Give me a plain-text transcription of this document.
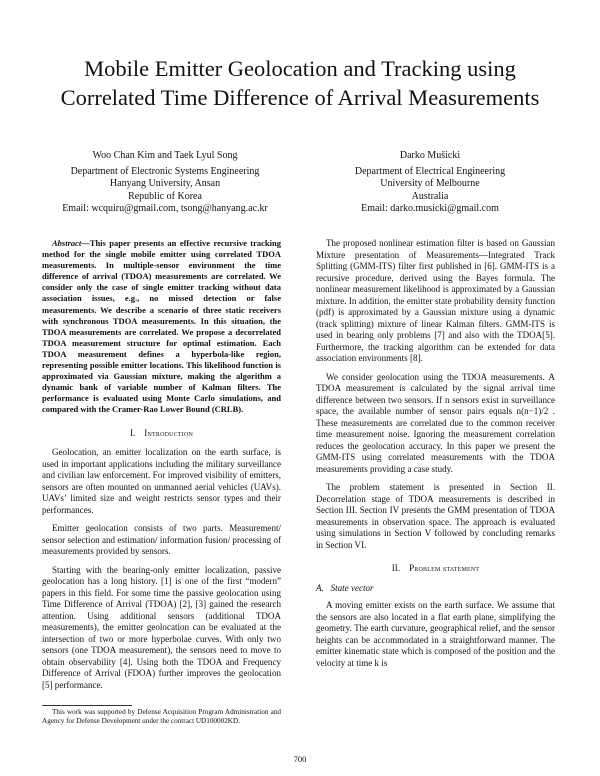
Mobile Emitter Geolocation and Tracking using
Correlated Time Difference of Arrival Measurements
Woo Chan Kim and Taek Lyul Song
Department of Electronic Systems Engineering
Hanyang University, Ansan
Republic of Korea
Email: wcquiru@gmail.com, tsong@hanyang.ac.kr
Darko Mušicki
Department of Electrical Engineering
University of Melbourne
Australia
Email: darko.musicki@gmail.com

Abstract—This paper presents an effective recursive tracking method for the single mobile emitter using correlated TDOA measurements. In multiple-sensor environment the time difference of arrival (TDOA) measurements are correlated. We consider only the case of single emitter tracking without data association issues, e.g., no missed detection or false measurements. We describe a scenario of three static receivers with synchronous TDOA measurements. In this situation, the TDOA measurements are correlated. We propose a decorrelated TDOA measurement structure for optimal estimation. Each TDOA measurement defines a hyperbola-like region, representing possible emitter locations. This likelihood function is approximated via Gaussian mixture, making the algorithm a dynamic bank of variable number of Kalman filters. The performance is evaluated using Monte Carlo simulations, and compared with the Cramer-Rao Lower Bound (CRLB).

I. Introduction

Geolocation, an emitter localization on the earth surface, is used in important applications including the military surveillance and civilian law enforcement. For improved visibility of emitters, sensors are often mounted on unmanned aerial vehicles (UAVs). UAVs’ limited size and weight restricts sensor types and their performances.

Emitter geolocation consists of two parts. Measurement/ sensor selection and estimation/ information fusion/ processing of measurements provided by sensors.

Starting with the bearing-only emitter localization, passive geolocation has a long history. [1] is one of the first “modern” papers in this field. For some time the passive geolocation using Time Difference of Arrival (TDOA) [2], [3] gained the research attention. Using additional sensors (additional TDOA measurements), the emitter geolocation can be evaluated at the intersection of two or more hyperbolae curves. With only two sensors (one TDOA measurement), the sensors need to move to obtain observability [4]. Using both the TDOA and Frequency Difference of Arrival (FDOA) further improves the geolocation [5] performance.

The proposed nonlinear estimation filter is based on Gaussian Mixture presentation of Measurements—Integrated Track Splitting (GMM-ITS) filter first published in [6]. GMM-ITS is a recursive procedure, derived using the Bayes formula. The nonlinear measurement likelihood is approximated by a Gaussian mixture. In addition, the emitter state probability density function (pdf) is approximated by a Gaussian mixture using a dynamic (track splitting) mixture of linear Kalman filters. GMM-ITS is used in bearing only problems [7] and also with the TDOA[5]. Furthermore, the tracking algorithm can be extended for data association environments [8].

We consider geolocation using the TDOA measurements. A TDOA measurement is calculated by the signal arrival time difference between two sensors. If n sensors exist in surveillance space, the available number of sensor pairs equals n(n−1)/2 . These measurements are correlated due to the common receiver time measurement noise. Ignoring the measurement correlation reduces the geolocation accuracy. In this paper we present the GMM-ITS using correlated measurements with the TDOA measurements providing a case study.

The problem statement is presented in Section II. Decorrelation stage of TDOA measurements is described in Section III. Section IV presents the GMM presentation of TDOA measurements in observation space. The approach is evaluated using simulations in Section V followed by concluding remarks in Section VI.

II. Problem statement
A. State vector

A moving emitter exists on the earth surface. We assume that the sensors are also located in a flat earth plane, simplifying the geometry. The earth curvature, geographical relief, and the sensor heights can be accommodated in a straightforward manner. The emitter kinematic state which is composed of the position and the velocity at time k is

This work was supported by Defense Acquisition Program Administration and Agency for Defense Development under the contract UD100002KD.
700
